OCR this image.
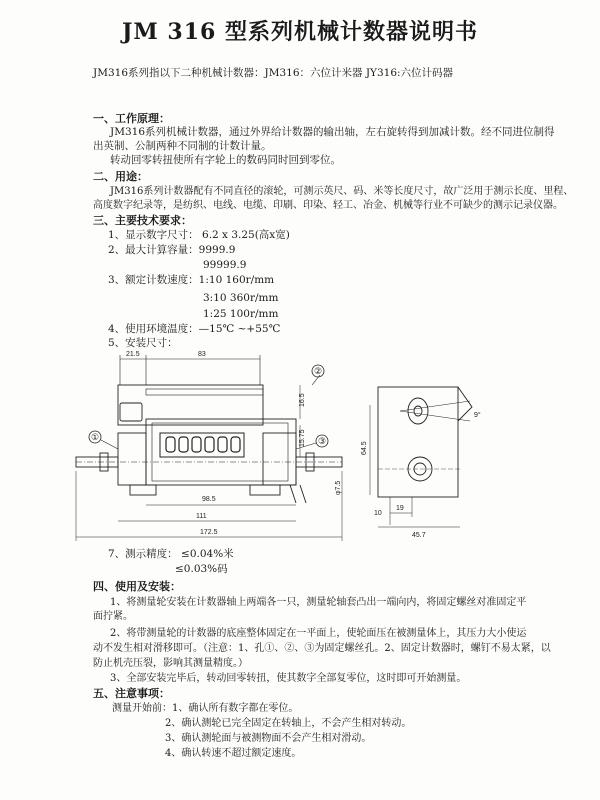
JM 316 型系列机械计数器说明书
JM316系列指以下二种机械计数器：JM316：六位计米器 JY316:六位计码器
一、工作原理：
JM316系列机械计数器，通过外界给计数器的输出轴，左右旋转得到加减计数。经不同进位制得
出英制、公制两种不同制的计数计量。
转动回零转扭使所有字轮上的数码同时回到零位。
二、用途：
JM316系列计数器配有不同直径的滚轮，可测示英尺、码、米等长度尺寸，故广泛用于测示长度、里程、
高度数字纪录等，是纺织、电线、电缆、印刷、印染、轻工、冶金、机械等行业不可缺少的测示记录仪器。
三、主要技术要求：
1、显示数字尺寸： 6.2 x 3.25(高x宽)
2、最大计算容量：9999.9
99999.9
3、额定计数速度：1:10 160r/mm
3:10 360r/mm
1:25 100r/mm
4、使用环境温度：—15℃ ~+55℃
5、安装尺寸：
21.5	83
16.5
15.75
②
①	③
φ7.5
98.5
111
172.5
64.5
9°
19
10
45.7
7、测示精度： ≤0.04%米
≤0.03%码
四、使用及安装：
1、将测量轮安装在计数器轴上两端各一只，测量轮轴套凸出一端向内，将固定螺丝对准固定平
面拧紧。
2、将带测量轮的计数器的底座整体固定在一平面上，使轮面压在被测量体上，其压力大小使运
动不发生相对滑移即可。（注意：1、孔①、②、③为固定螺丝孔。2、固定计数器时，螺钉不易太紧，以
防止机壳压裂，影响其测量精度。）
3、全部安装完毕后，转动回零转扭，使其数字全部复零位，这时即可开始测量。
五、注意事项：
测量开始前：1、确认所有数字都在零位。
2、确认测轮已完全固定在转轴上，不会产生相对转动。
3、确认测轮面与被测物面不会产生相对滑动。
4、确认转速不超过额定速度。
